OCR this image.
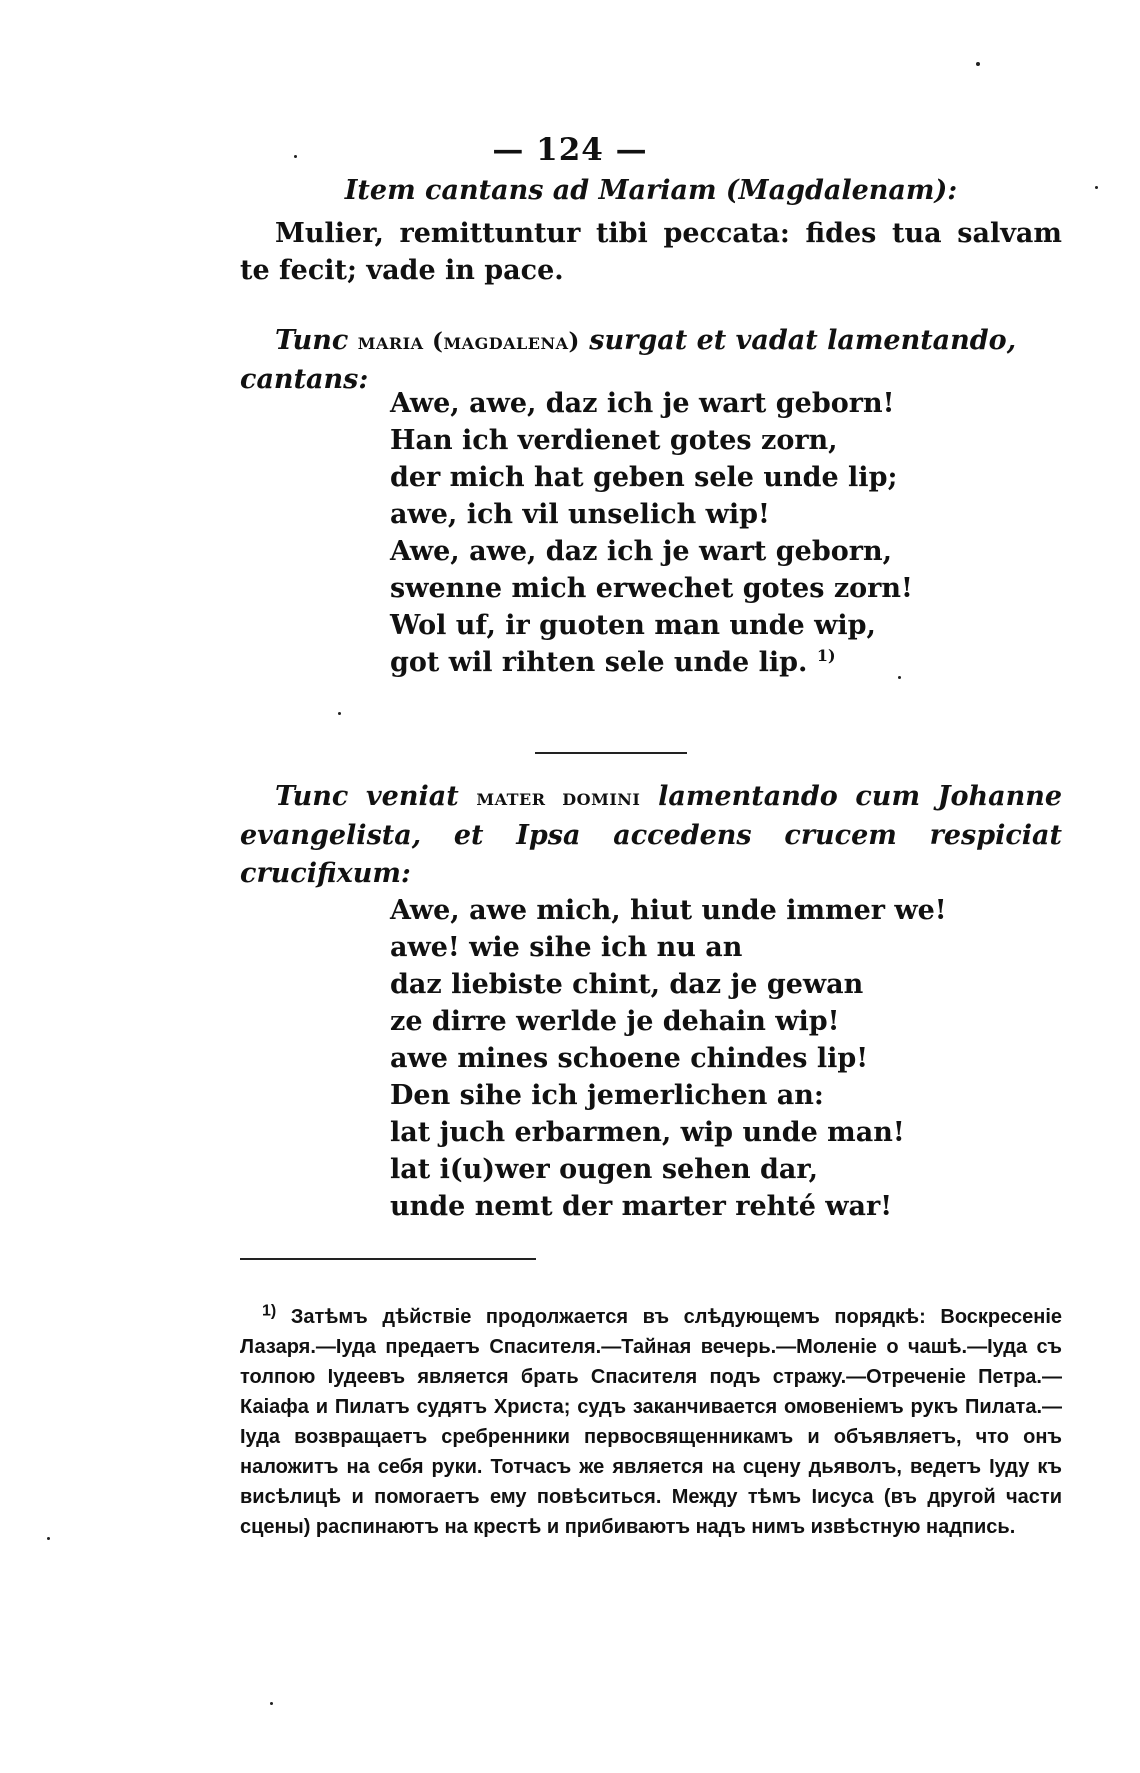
— 124 —
Item cantans ad Mariam (Magdalenam):
Mulier, remittuntur tibi peccata: fides tua salvam te fecit; vade in pace.
Tunc maria (magdalena) surgat et vadat lamentando, cantans:
Awe, awe, daz ich je wart geborn!
Han ich verdienet gotes zorn,
der mich hat geben sele unde lip;
awe, ich vil unselich wip!
Awe, awe, daz ich je wart geborn,
swenne mich erwechet gotes zorn!
Wol uf, ir guoten man unde wip,
got wil rihten sele unde lip. $^{1)}$
Tunc veniat mater domini lamentando cum Johanne evangelista, et Ipsa accedens crucem respiciat crucifixum:
Awe, awe mich, hiut unde immer we!
awe! wie sihe ich nu an
daz liebiste chint, daz je gewan
ze dirre werlde je dehain wip!
awe mines schoene chindes lip!
Den sihe ich jemerlichen an:
lat juch erbarmen, wip unde man!
lat i(u)wer ougen sehen dar,
unde nemt der marter rehté war!
$^{1)}$ Затѣмъ дѣйствіе продолжается въ слѣдующемъ порядкѣ: Воскресеніе Лазаря.—Іуда предаетъ Спасителя.—Тайная вечерь.—Моленіе о чашѣ.—Іуда съ толпою Іудеевъ является брать Спасителя подъ стражу.—Отреченіе Петра.—Каіафа и Пилатъ судятъ Христа; судъ заканчивается омовеніемъ рукъ Пилата.—Іуда возвращаетъ сребренники первосвященникамъ и объявляетъ, что онъ наложитъ на себя руки. Тотчасъ же является на сцену дьяволъ, ведетъ Іуду къ висѣлицѣ и помогаетъ ему повѣситься. Между тѣмъ Іисуса (въ другой части сцены) распинаютъ на крестѣ и прибиваютъ надъ нимъ извѣстную надпись.
